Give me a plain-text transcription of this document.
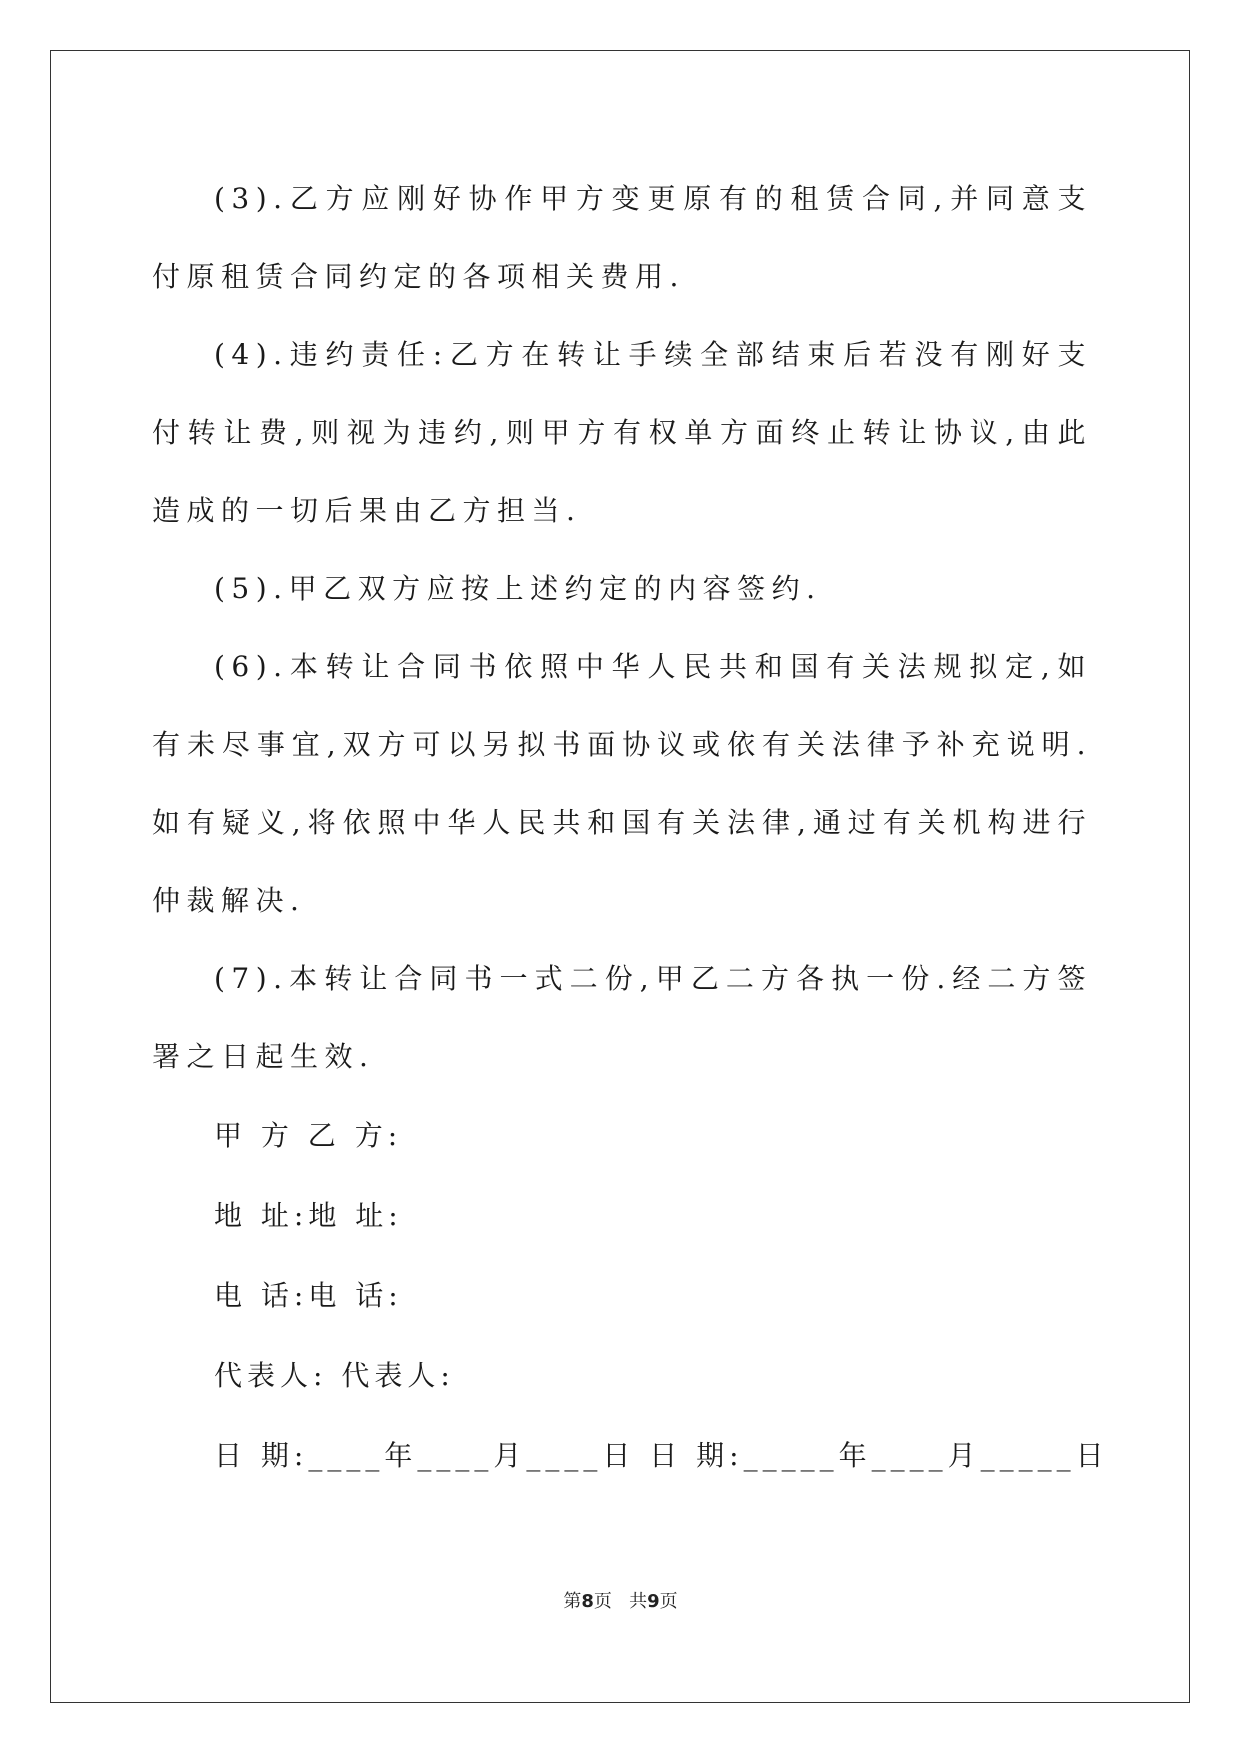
(3).乙方应刚好协作甲方变更原有的租赁合同,并同意支付原租赁合同约定的各项相关费用.

(4).违约责任:乙方在转让手续全部结束后若没有刚好支付转让费,则视为违约,则甲方有权单方面终止转让协议,由此造成的一切后果由乙方担当.

(5).甲乙双方应按上述约定的内容签约.

(6).本转让合同书依照中华人民共和国有关法规拟定,如有未尽事宜,双方可以另拟书面协议或依有关法律予补充说明.如有疑义,将依照中华人民共和国有关法律,通过有关机构进行仲裁解决.

(7).本转让合同书一式二份,甲乙二方各执一份.经二方签署之日起生效.

甲 方 乙 方:

地 址:地 址:

电 话:电 话:

代表人: 代表人:

日 期:____年____月____日 日 期:_____年____月_____日

第8页   共9页
